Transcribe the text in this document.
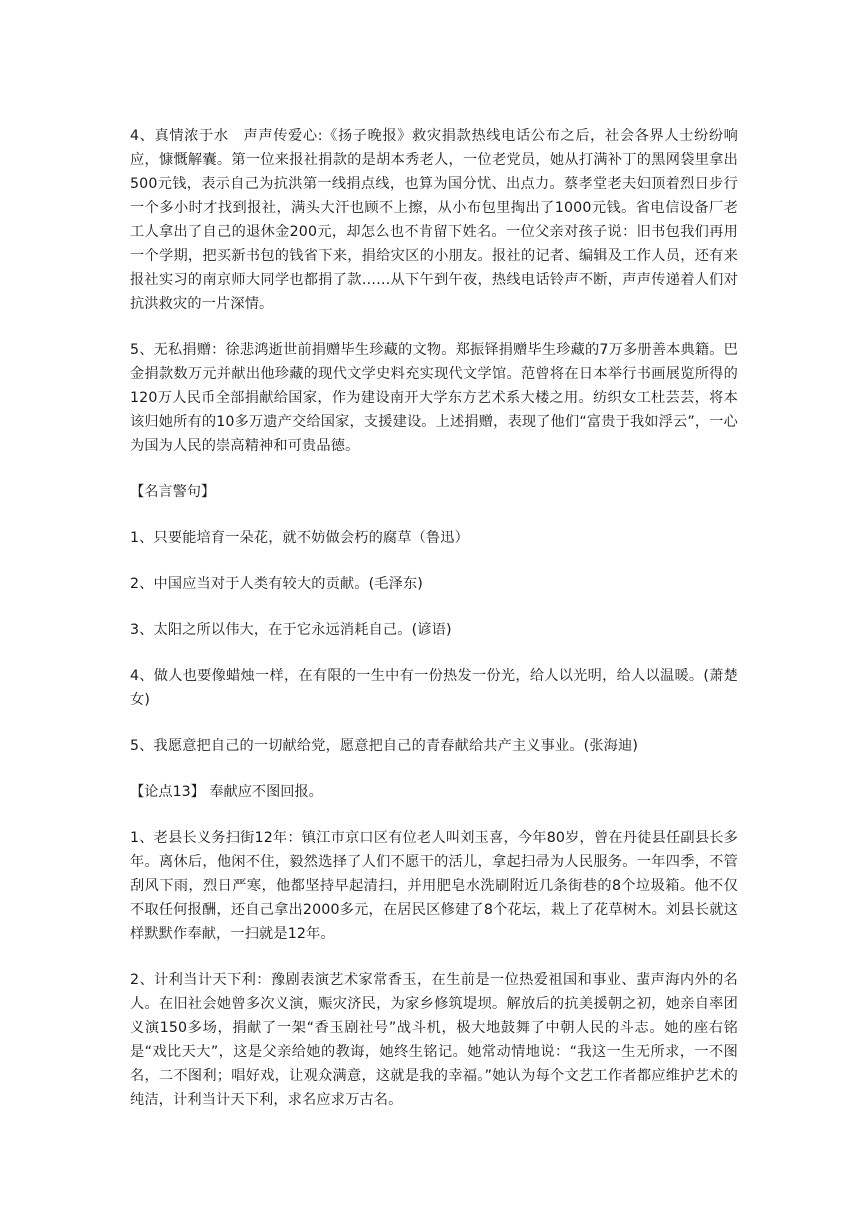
4、真情浓于水　声声传爱心:《扬子晚报》救灾捐款热线电话公布之后，社会各界人士纷纷响应，慷慨解囊。第一位来报社捐款的是胡本秀老人，一位老党员，她从打满补丁的黑网袋里拿出500元钱，表示自己为抗洪第一线捐点线，也算为国分忧、出点力。蔡孝堂老夫妇顶着烈日步行一个多小时才找到报社，满头大汗也顾不上擦，从小布包里掏出了1000元钱。省电信设备厂老工人拿出了自己的退休金200元，却怎么也不肯留下姓名。一位父亲对孩子说：旧书包我们再用一个学期，把买新书包的钱省下来，捐给灾区的小朋友。报社的记者、编辑及工作人员，还有来报社实习的南京师大同学也都捐了款……从下午到午夜，热线电话铃声不断，声声传递着人们对抗洪救灾的一片深情。

5、无私捐赠：徐悲鸿逝世前捐赠毕生珍藏的文物。郑振铎捐赠毕生珍藏的7万多册善本典籍。巴金捐款数万元并献出他珍藏的现代文学史料充实现代文学馆。范曾将在日本举行书画展览所得的120万人民币全部捐献给国家，作为建设南开大学东方艺术系大楼之用。纺织女工杜芸芸，将本该归她所有的10多万遗产交给国家，支援建设。上述捐赠，表现了他们“富贵于我如浮云”，一心为国为人民的崇高精神和可贵品德。

【名言警句】

1、只要能培育一朵花，就不妨做会朽的腐草（鲁迅）

2、中国应当对于人类有较大的贡献。(毛泽东)

3、太阳之所以伟大，在于它永远消耗自己。(谚语)

4、做人也要像蜡烛一样，在有限的一生中有一份热发一份光，给人以光明，给人以温暖。(萧楚女)

5、我愿意把自己的一切献给党，愿意把自己的青春献给共产主义事业。(张海迪)

【论点13】 奉献应不图回报。

1、老县长义务扫街12年：镇江市京口区有位老人叫刘玉喜，今年80岁，曾在丹徒县任副县长多年。离休后，他闲不住，毅然选择了人们不愿干的活儿，拿起扫帚为人民服务。一年四季，不管刮风下雨，烈日严寒，他都坚持早起清扫，并用肥皂水洗刷附近几条街巷的8个垃圾箱。他不仅不取任何报酬，还自己拿出2000多元，在居民区修建了8个花坛，栽上了花草树木。刘县长就这样默默作奉献，一扫就是12年。

2、计利当计天下利：豫剧表演艺术家常香玉，在生前是一位热爱祖国和事业、蜚声海内外的名人。在旧社会她曾多次义演，赈灾济民，为家乡修筑堤坝。解放后的抗美援朝之初，她亲自率团义演150多场，捐献了一架“香玉剧社号”战斗机，极大地鼓舞了中朝人民的斗志。她的座右铭是“戏比天大”，这是父亲给她的教诲，她终生铭记。她常动情地说：“我这一生无所求，一不图名，二不图利；唱好戏，让观众满意，这就是我的幸福。”她认为每个文艺工作者都应维护艺术的纯洁，计利当计天下利，求名应求万古名。
